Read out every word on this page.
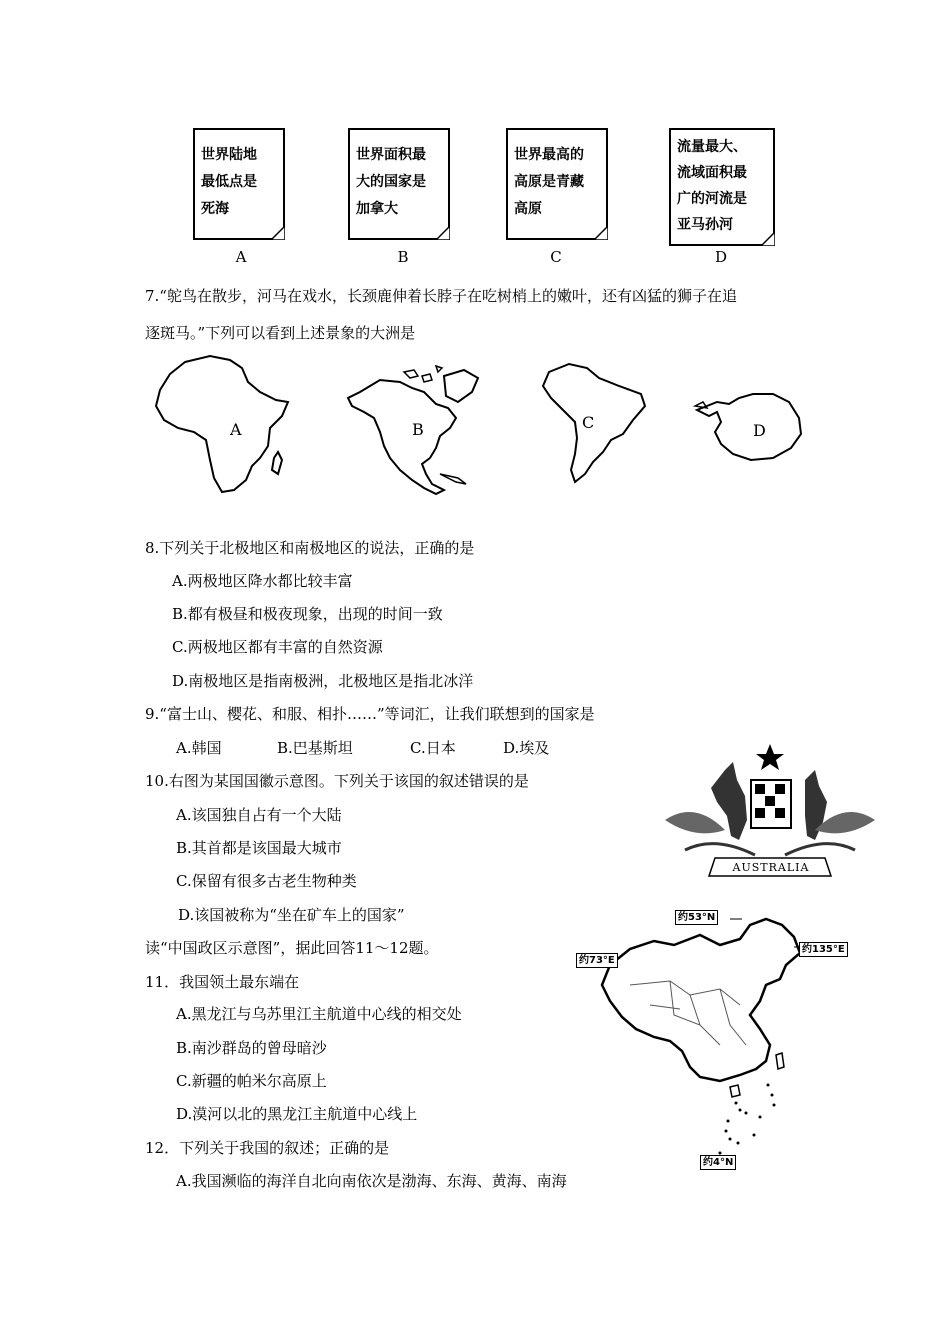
世界陆地
最低点是
死海
A
世界面积最
大的国家是
加拿大
B
世界最高的
高原是青藏
高原
C
流量最大、
流域面积最
广的河流是
亚马孙河
D
7.“鸵鸟在散步，河马在戏水，长颈鹿伸着长脖子在吃树梢上的嫩叶，还有凶猛的狮子在追
逐斑马。”下列可以看到上述景象的大洲是
A	B	C	D
8.下列关于北极地区和南极地区的说法，正确的是
A.两极地区降水都比较丰富
B.都有极昼和极夜现象，出现的时间一致
C.两极地区都有丰富的自然资源
D.南极地区是指南极洲，北极地区是指北冰洋
9.“富士山、樱花、和服、相扑……”等词汇，让我们联想到的国家是
A.韩国	B.巴基斯坦	C.日本	D.埃及
10.右图为某国国徽示意图。下列关于该国的叙述错误的是
A.该国独自占有一个大陆
B.其首都是该国最大城市
C.保留有很多古老生物种类
D.该国被称为“坐在矿车上的国家”
AUSTRALIA
读“中国政区示意图”，据此回答11～12题。
11．我国领土最东端在
A.黑龙江与乌苏里江主航道中心线的相交处
B.南沙群岛的曾母暗沙
C.新疆的帕米尔高原上
D.漠河以北的黑龙江主航道中心线上
12．下列关于我国的叙述；正确的是
A.我国濒临的海洋自北向南依次是渤海、东海、黄海、南海
约53°N
约135°E
约73°E
约4°N
